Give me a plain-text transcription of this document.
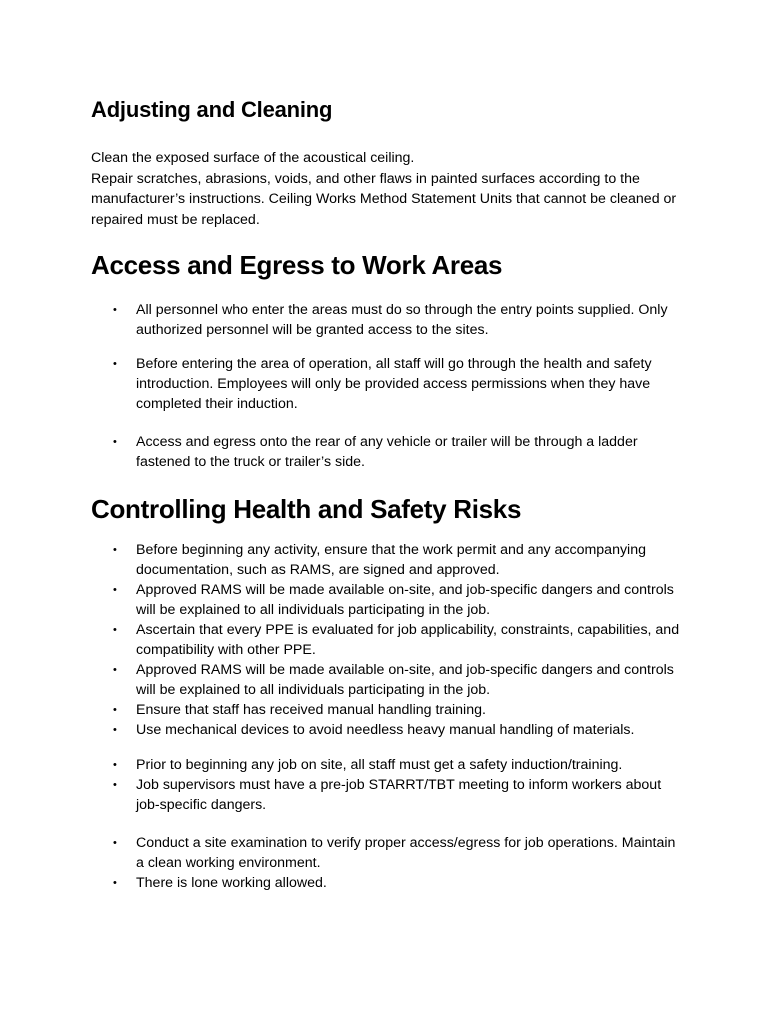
Adjusting and Cleaning

Clean the exposed surface of the acoustical ceiling.

Repair scratches, abrasions, voids, and other flaws in painted surfaces according to the manufacturer’s instructions. Ceiling Works Method Statement Units that cannot be cleaned or repaired must be replaced.

Access and Egress to Work Areas
• All personnel who enter the areas must do so through the entry points supplied. Only authorized personnel will be granted access to the sites.
• Before entering the area of operation, all staff will go through the health and safety introduction. Employees will only be provided access permissions when they have completed their induction.
• Access and egress onto the rear of any vehicle or trailer will be through a ladder fastened to the truck or trailer’s side.
Controlling Health and Safety Risks
• Before beginning any activity, ensure that the work permit and any accompanying documentation, such as RAMS, are signed and approved.
• Approved RAMS will be made available on-site, and job-specific dangers and controls will be explained to all individuals participating in the job.
• Ascertain that every PPE is evaluated for job applicability, constraints, capabilities, and compatibility with other PPE.
• Approved RAMS will be made available on-site, and job-specific dangers and controls will be explained to all individuals participating in the job.
• Ensure that staff has received manual handling training.
• Use mechanical devices to avoid needless heavy manual handling of materials.
• Prior to beginning any job on site, all staff must get a safety induction/training.
• Job supervisors must have a pre-job STARRT/TBT meeting to inform workers about job-specific dangers.
• Conduct a site examination to verify proper access/egress for job operations. Maintain a clean working environment.
• There is lone working allowed.
